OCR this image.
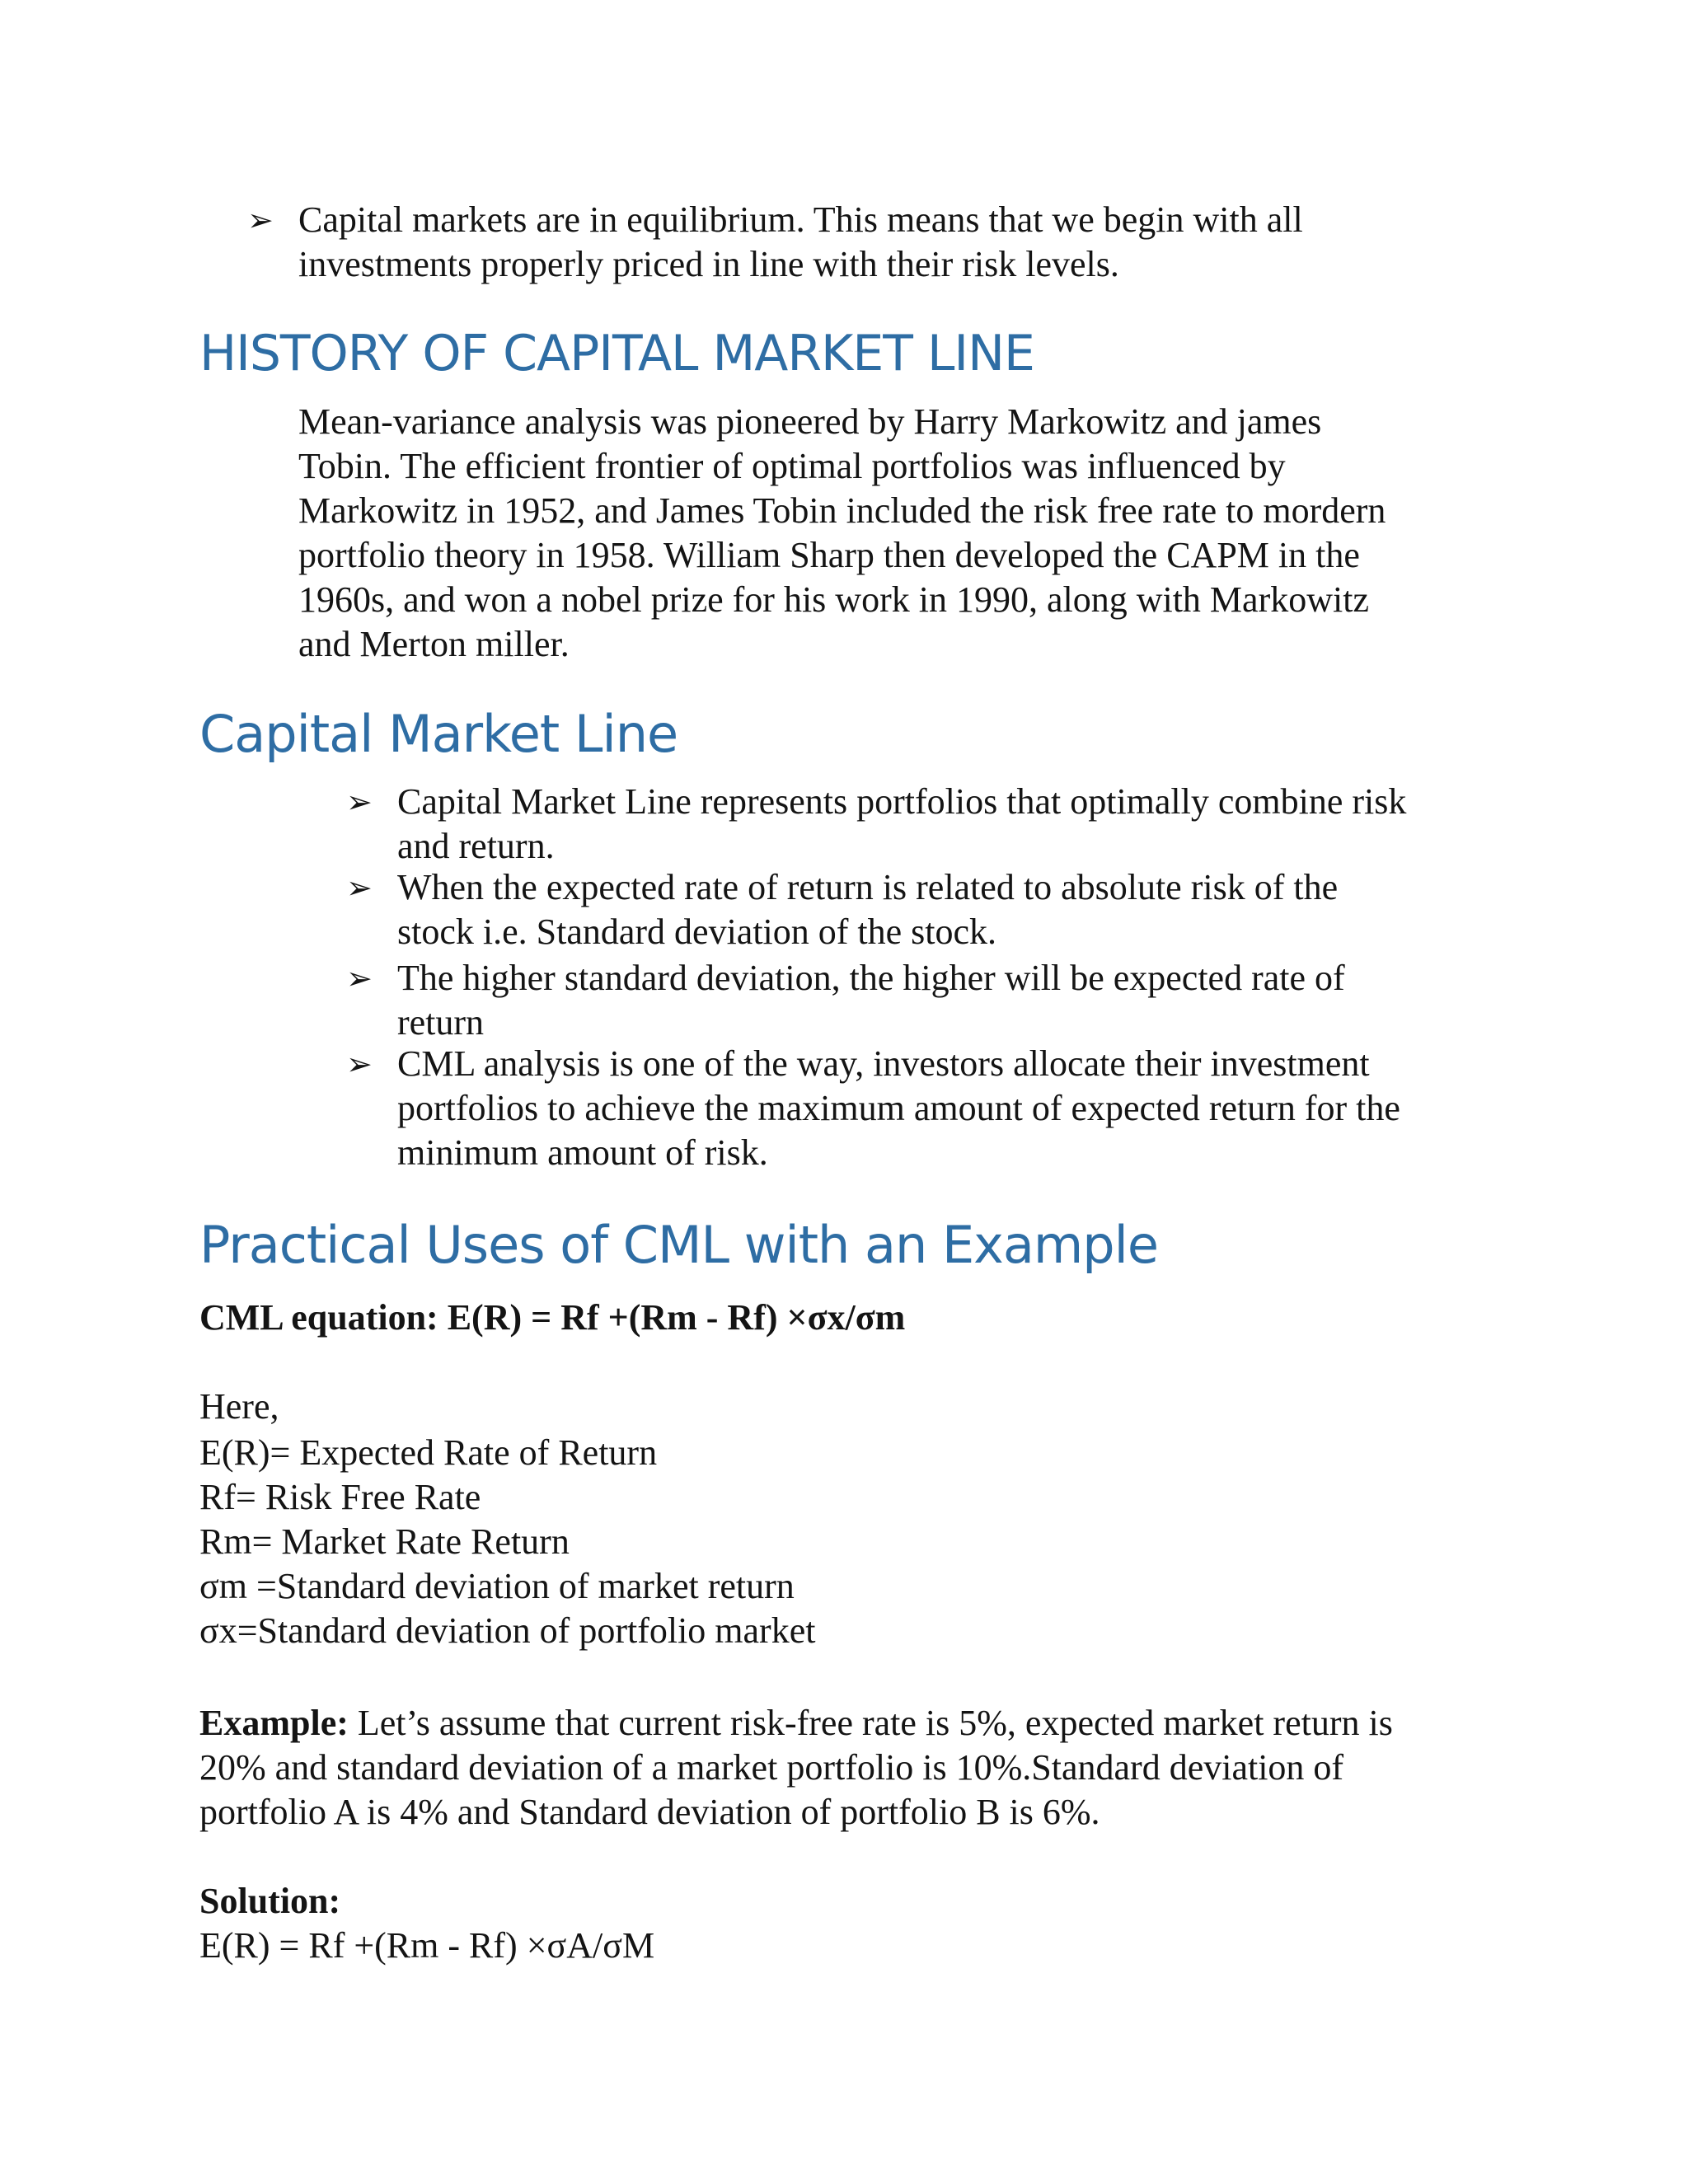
➢ Capital markets are in equilibrium. This means that we begin with all
investments properly priced in line with their risk levels.
HISTORY OF CAPITAL MARKET LINE
Mean-variance analysis was pioneered by Harry Markowitz and james
Tobin. The efficient frontier of optimal portfolios was influenced by
Markowitz in 1952, and James Tobin included the risk free rate to mordern
portfolio theory in 1958. William Sharp then developed the CAPM in the
1960s, and won a nobel prize for his work in 1990, along with Markowitz
and Merton miller.
Capital Market Line
➢ Capital Market Line represents portfolios that optimally combine risk
and return.
➢ When the expected rate of return is related to absolute risk of the
stock i.e. Standard deviation of the stock.
➢ The higher standard deviation, the higher will be expected rate of
return
➢ CML analysis is one of the way, investors allocate their investment
portfolios to achieve the maximum amount of expected return for the
minimum amount of risk.
Practical Uses of CML with an Example
CML equation: E(R) = Rf +(Rm - Rf) ×σx/σm
Here,
E(R)= Expected Rate of Return
Rf= Risk Free Rate
Rm= Market Rate Return
σm =Standard deviation of market return
σx=Standard deviation of portfolio market
Example: Let’s assume that current risk-free rate is 5%, expected market return is
20% and standard deviation of a market portfolio is 10%.Standard deviation of
portfolio A is 4% and Standard deviation of portfolio B is 6%.
Solution:
E(R) = Rf +(Rm - Rf) ×σA/σM
